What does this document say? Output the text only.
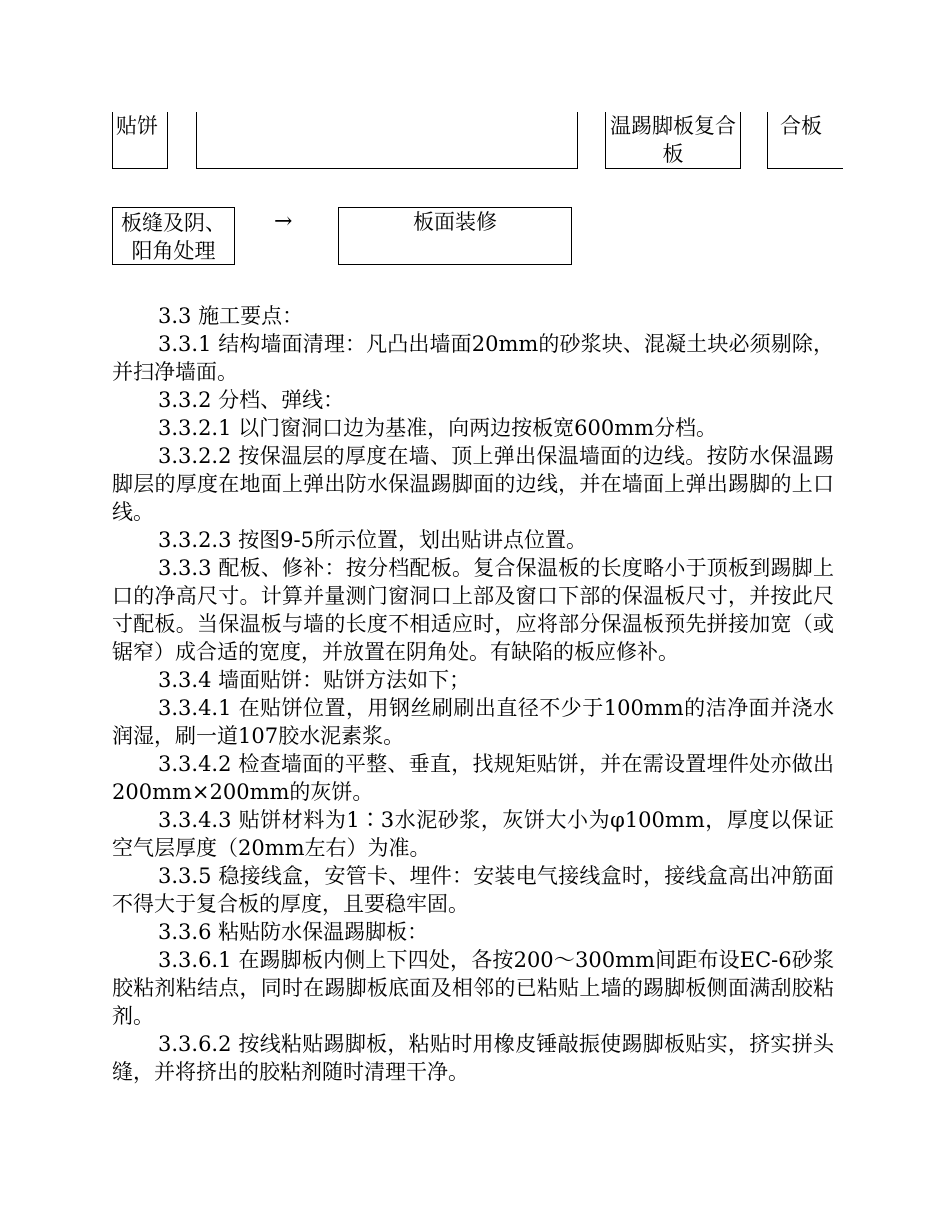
贴饼	温踢脚板复合板
合板
板缝及阴、阳角处理
→	板面装修

3.3 施工要点：

3.3.1 结构墙面清理：凡凸出墙面20mm的砂浆块、混凝土块必须剔除，并扫净墙面。

3.3.2 分档、弹线：

3.3.2.1 以门窗洞口边为基准，向两边按板宽600mm分档。

3.3.2.2 按保温层的厚度在墙、顶上弹出保温墙面的边线。按防水保温踢脚层的厚度在地面上弹出防水保温踢脚面的边线，并在墙面上弹出踢脚的上口线。

3.3.2.3 按图9-5所示位置，划出贴讲点位置。

3.3.3 配板、修补：按分档配板。复合保温板的长度略小于顶板到踢脚上口的净高尺寸。计算并量测门窗洞口上部及窗口下部的保温板尺寸，并按此尺寸配板。当保温板与墙的长度不相适应时，应将部分保温板预先拼接加宽（或锯窄）成合适的宽度，并放置在阴角处。有缺陷的板应修补。

3.3.4 墙面贴饼：贴饼方法如下；

3.3.4.1 在贴饼位置，用钢丝刷刷出直径不少于100mm的洁净面并浇水润湿，刷一道107胶水泥素浆。

3.3.4.2 检查墙面的平整、垂直，找规矩贴饼，并在需设置埋件处亦做出200mm×200mm的灰饼。

3.3.4.3 贴饼材料为1∶3水泥砂浆，灰饼大小为φ100mm，厚度以保证空气层厚度（20mm左右）为准。

3.3.5 稳接线盒，安管卡、埋件：安装电气接线盒时，接线盒高出冲筋面不得大于复合板的厚度，且要稳牢固。

3.3.6 粘贴防水保温踢脚板：

3.3.6.1 在踢脚板内侧上下四处，各按200～300mm间距布设EC-6砂浆胶粘剂粘结点，同时在踢脚板底面及相邻的已粘贴上墙的踢脚板侧面满刮胶粘剂。

3.3.6.2 按线粘贴踢脚板，粘贴时用橡皮锤敲振使踢脚板贴实，挤实拼头缝，并将挤出的胶粘剂随时清理干净。
